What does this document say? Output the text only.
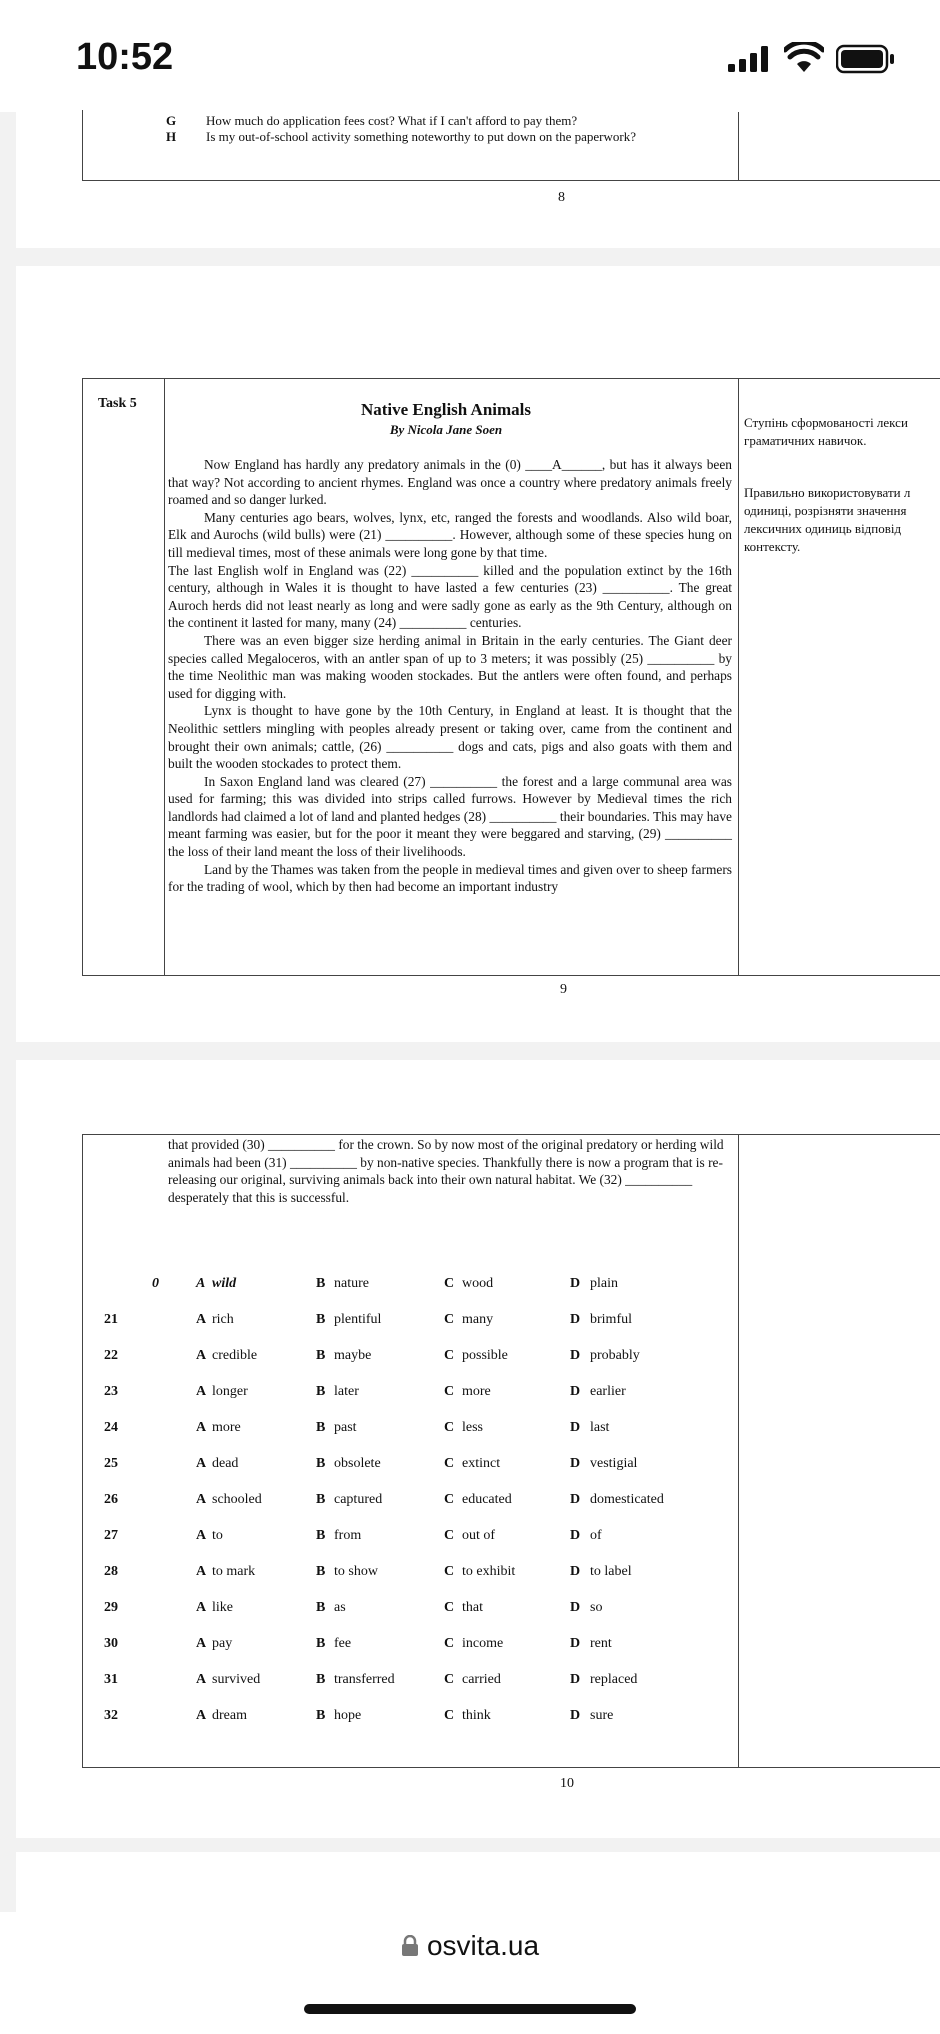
10:52
G How much do application fees cost? What if I can't afford to pay them?
H Is my out-of-school activity something noteworthy to put down on the paperwork?
8
Task 5	Native English Animals
By Nicola Jane Soen

Now England has hardly any predatory animals in the (0) ____A______, but has it always been that way? Not according to ancient rhymes. England was once a country where predatory animals freely roamed and so danger lurked.

Many centuries ago bears, wolves, lynx, etc, ranged the forests and woodlands. Also wild boar, Elk and Aurochs (wild bulls) were (21) __________. However, although some of these species hung on till medieval times, most of these animals were long gone by that time.

The last English wolf in England was (22) __________ killed and the population extinct by the 16th century, although in Wales it is thought to have lasted a few centuries (23) __________. The great Auroch herds did not least nearly as long and were sadly gone as early as the 9th Century, although on the continent it lasted for many, many (24) __________ centuries.

There was an even bigger size herding animal in Britain in the early centuries. The Giant deer species called Megaloceros, with an antler span of up to 3 meters; it was possibly (25) __________ by the time Neolithic man was making wooden stockades. But the antlers were often found, and perhaps used for digging with.

Lynx is thought to have gone by the 10th Century, in England at least. It is thought that the Neolithic settlers mingling with peoples already present or taking over, came from the continent and brought their own animals; cattle, (26) __________ dogs and cats, pigs and also goats with them and built the wooden stockades to protect them.

In Saxon England land was cleared (27) __________ the forest and a large communal area was used for farming; this was divided into strips called furrows. However by Medieval times the rich landlords had claimed a lot of land and planted hedges (28) __________ their boundaries. This may have meant farming was easier, but for the poor it meant they were beggared and starving, (29) __________ the loss of their land meant the loss of their livelihoods.

Land by the Thames was taken from the people in medieval times and given over to sheep farmers for the trading of wool, which by then had become an important industry

Ступінь сформованості лекси граматичних навичок.
Правильно використовувати л одиниці, розрізняти значення лексичних одиниць відповід контексту.
9
that provided (30) __________ for the crown. So by now most of the original predatory or herding wild animals had been (31) __________ by non-native species. Thankfully there is now a program that is re-releasing our original, surviving animals back into their own natural habitat. We (32) __________ desperately that this is successful.
0	A wild	B nature	C wood	D plain
21	A rich	B plentiful	C many	D brimful
22	A credible	B maybe	C possible	D probably
23	A longer	B later	C more	D earlier
24	A more	B past	C less	D last
25	A dead	B obsolete	C extinct	D vestigial
26	A schooled	B captured	C educated	D domesticated
27	A to	B from	C out of	D of
28	A to mark	B to show	C to exhibit	D to label
29	A like	B as	C that	D so
30	A pay	B fee	C income	D rent
31	A survived	B transferred	C carried	D replaced
32	A dream	B hope	C think	D sure
10
osvita.ua
